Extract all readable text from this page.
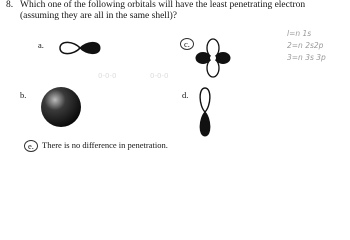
8. Which one of the following orbitals will have the least penetrating electron (assuming they are all in the same shell)?
a.	c.
l=n 1s
2=n 2s2p
3=n 3s 3p
0-0-0	0-0-0
b.	d.
e. There is no difference in penetration.
